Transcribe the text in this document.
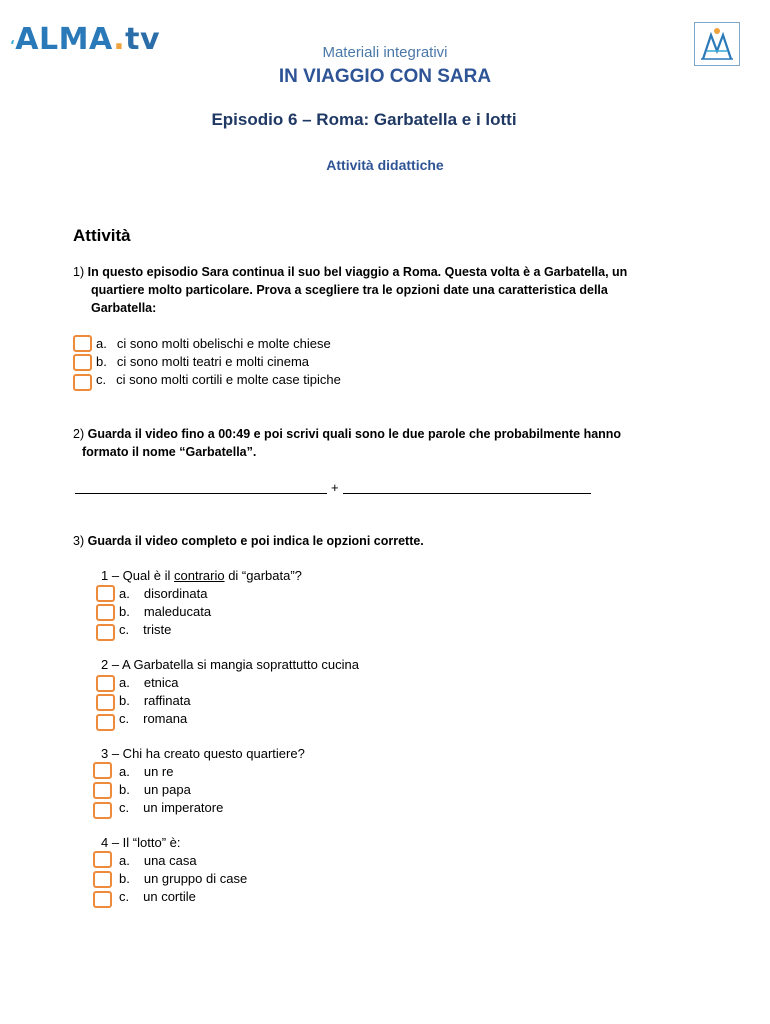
‘ALMA.tv	Materiali integrativi
IN VIAGGIO CON SARA
Episodio 6 – Roma: Garbatella e i lotti
Attività didattiche
Attività
1) In questo episodio Sara continua il suo bel viaggio a Roma. Questa volta è a Garbatella, un
quartiere molto particolare. Prova a scegliere tra le opzioni date una caratteristica della
Garbatella:
a. ci sono molti obelischi e molte chiese
b. ci sono molti teatri e molti cinema
c. ci sono molti cortili e molte case tipiche
2) Guarda il video fino a 00:49 e poi scrivi quali sono le due parole che probabilmente hanno
formato il nome “Garbatella”.
+
3) Guarda il video completo e poi indica le opzioni corrette.
1 – Qual è il contrario di “garbata”?
a. disordinata
b. maleducata
c. triste
2 – A Garbatella si mangia soprattutto cucina
a. etnica
b. raffinata
c. romana
3 – Chi ha creato questo quartiere?
a. un re
b. un papa
c. un imperatore
4 – Il “lotto” è:
a. una casa
b. un gruppo di case
c. un cortile
